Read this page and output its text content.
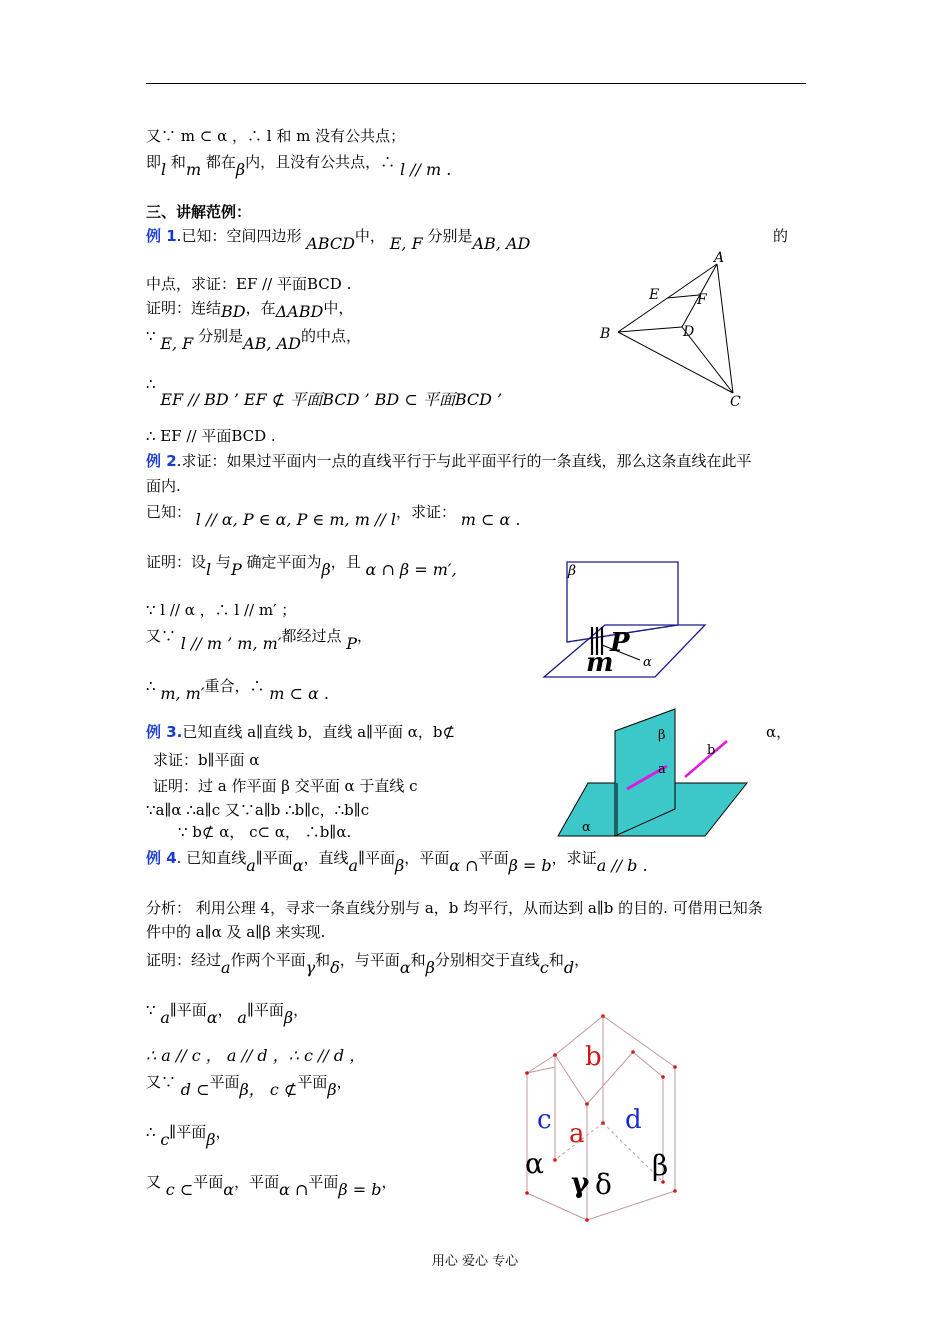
又∵ m ⊂ α ，∴ l 和 m 没有公共点；
即l 和m 都在β内，且没有公共点，∴ l // m .
三、讲解范例：
例 1.已知：空间四边形 ABCD中， E, F 分别是AB, AD	的
中点，求证：EF // 平面BCD .
证明：连结BD，在ΔABD中，
∵ E, F 分别是AB, AD的中点，
∴ EF // BD ’ EF ⊄ 平面BCD ’ BD ⊂ 平面BCD ’
∴ EF // 平面BCD .
A
B
C
D
E	F
例 2.求证：如果过平面内一点的直线平行于与此平面平行的一条直线，那么这条直线在此平
面内.
已知： l // α, P ∈ α, P ∈ m, m // l，求证： m ⊂ α .
证明：设l 与P 确定平面为β，且 α ∩ β = m′,
∵ l // α ，∴ l // m′ ；
又∵ l // m ’ m, m′都经过点 P，
∴ m, m′重合，∴ m ⊂ α .
β
α
m
P
例 3.已知直线 a∥直线 b，直线 a∥平面 α，b⊄	α，
求证：b∥平面 α
证明：过 a 作平面 β 交平面 α 于直线 c
∵a∥α ∴a∥c 又∵a∥b ∴b∥c，∴b∥c
∵ b⊄ α， c⊂ α， ∴b∥α.
β
α
b
a
例 4. 已知直线a∥平面α，直线a∥平面β，平面α ∩平面β = b，求证a // b .
分析： 利用公理 4，寻求一条直线分别与 a，b 均平行，从而达到 a∥b 的目的. 可借用已知条
件中的 a∥α 及 a∥β 来实现.
证明：经过a作两个平面γ和δ，与平面α和β分别相交于直线c和d，
∵ a∥平面α， a∥平面β，
∴ a // c ， a // d ，∴ c // d ，
又∵ d ⊂平面β， c ⊄平面β，
∴ c∥平面β，
又 c ⊂平面α，平面α ∩平面β = b，
b
c a d
α
γ δ
β
用心 爱心 专心
